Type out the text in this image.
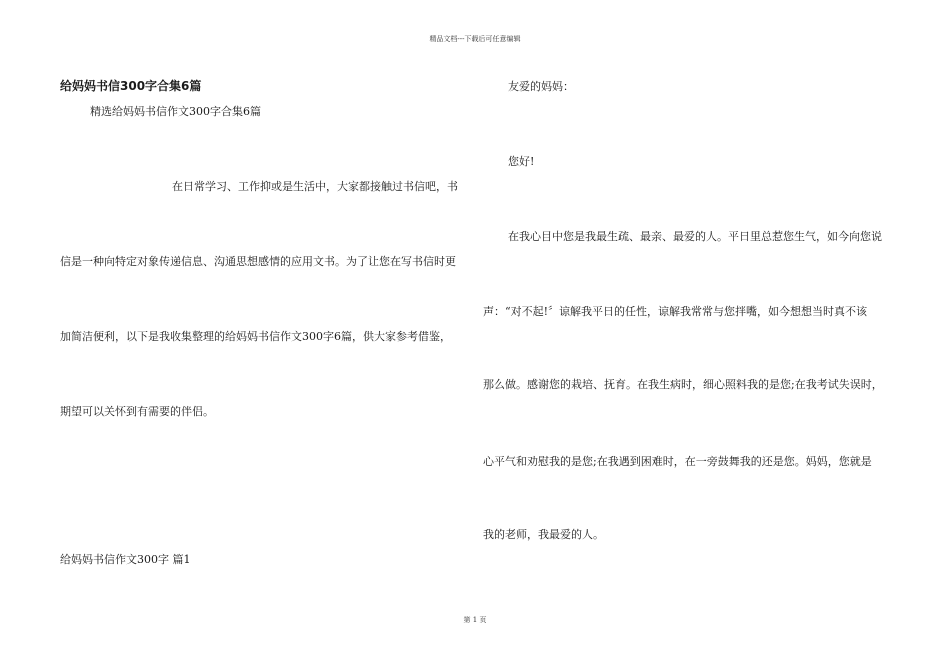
精品文档---下载后可任意编辑
给妈妈书信300字合集6篇
精选给妈妈书信作文300字合集6篇
在日常学习、工作抑或是生活中，大家都接触过书信吧，书
信是一种向特定对象传递信息、沟通思想感情的应用文书。为了让您在写书信时更
加简洁便利，以下是我收集整理的给妈妈书信作文300字6篇，供大家参考借鉴，
期望可以关怀到有需要的伴侣。
给妈妈书信作文300字 篇1
友爱的妈妈：
您好!
在我心目中您是我最生疏、最亲、最爱的人。平日里总惹您生气，如今向您说
声：“对不起!〞谅解我平日的任性，谅解我常常与您拌嘴，如今想想当时真不该
那么做。感谢您的栽培、抚育。在我生病时，细心照料我的是您;在我考试失误时，
心平气和劝慰我的是您;在我遇到困难时，在一旁鼓舞我的还是您。妈妈，您就是
我的老师，我最爱的人。
第 1 页
